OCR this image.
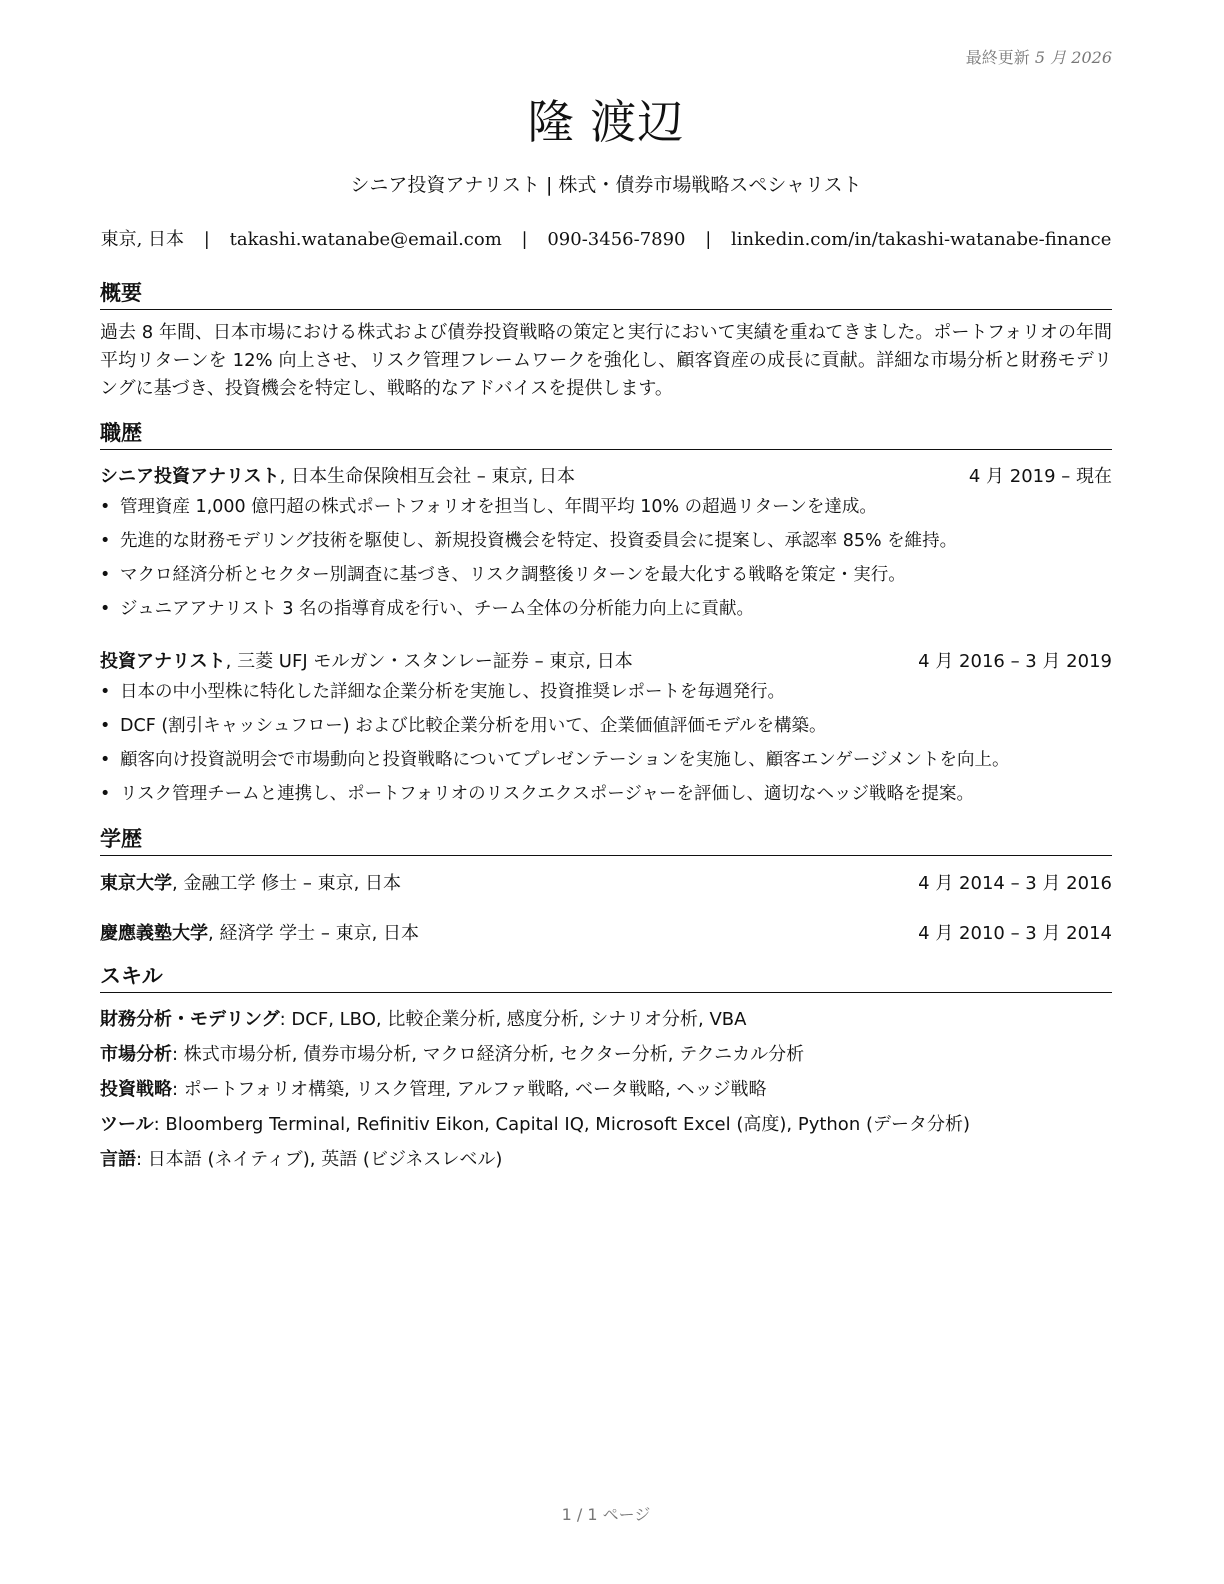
最終更新 5 月 2026
隆 渡辺
シニア投資アナリスト | 株式・債券市場戦略スペシャリスト
東京, 日本 | takashi.watanabe@email.com | 090-3456-7890 | linkedin.com/in/takashi-watanabe-finance
概要
過去 8 年間、日本市場における株式および債券投資戦略の策定と実行において実績を重ねてきました。ポートフォリオの年間平均リターンを 12% 向上させ、リスク管理フレームワークを強化し、顧客資産の成長に貢献。詳細な市場分析と財務モデリングに基づき、投資機会を特定し、戦略的なアドバイスを提供します。
職歴
シニア投資アナリスト, 日本生命保険相互会社 – 東京, 日本	4 月 2019 – 現在
• 管理資産 1,000 億円超の株式ポートフォリオを担当し、年間平均 10% の超過リターンを達成。
• 先進的な財務モデリング技術を駆使し、新規投資機会を特定、投資委員会に提案し、承認率 85% を維持。
• マクロ経済分析とセクター別調査に基づき、リスク調整後リターンを最大化する戦略を策定・実行。
• ジュニアアナリスト 3 名の指導育成を行い、チーム全体の分析能力向上に貢献。
投資アナリスト, 三菱 UFJ モルガン・スタンレー証券 – 東京, 日本	4 月 2016 – 3 月 2019
• 日本の中小型株に特化した詳細な企業分析を実施し、投資推奨レポートを毎週発行。
• DCF (割引キャッシュフロー) および比較企業分析を用いて、企業価値評価モデルを構築。
• 顧客向け投資説明会で市場動向と投資戦略についてプレゼンテーションを実施し、顧客エンゲージメントを向上。
• リスク管理チームと連携し、ポートフォリオのリスクエクスポージャーを評価し、適切なヘッジ戦略を提案。
学歴
東京大学, 金融工学 修士 – 東京, 日本	4 月 2014 – 3 月 2016
慶應義塾大学, 経済学 学士 – 東京, 日本	4 月 2010 – 3 月 2014
スキル
財務分析・モデリング: DCF, LBO, 比較企業分析, 感度分析, シナリオ分析, VBA
市場分析: 株式市場分析, 債券市場分析, マクロ経済分析, セクター分析, テクニカル分析
投資戦略: ポートフォリオ構築, リスク管理, アルファ戦略, ベータ戦略, ヘッジ戦略
ツール: Bloomberg Terminal, Refinitiv Eikon, Capital IQ, Microsoft Excel (高度), Python (データ分析)
言語: 日本語 (ネイティブ), 英語 (ビジネスレベル)
1 / 1 ページ
